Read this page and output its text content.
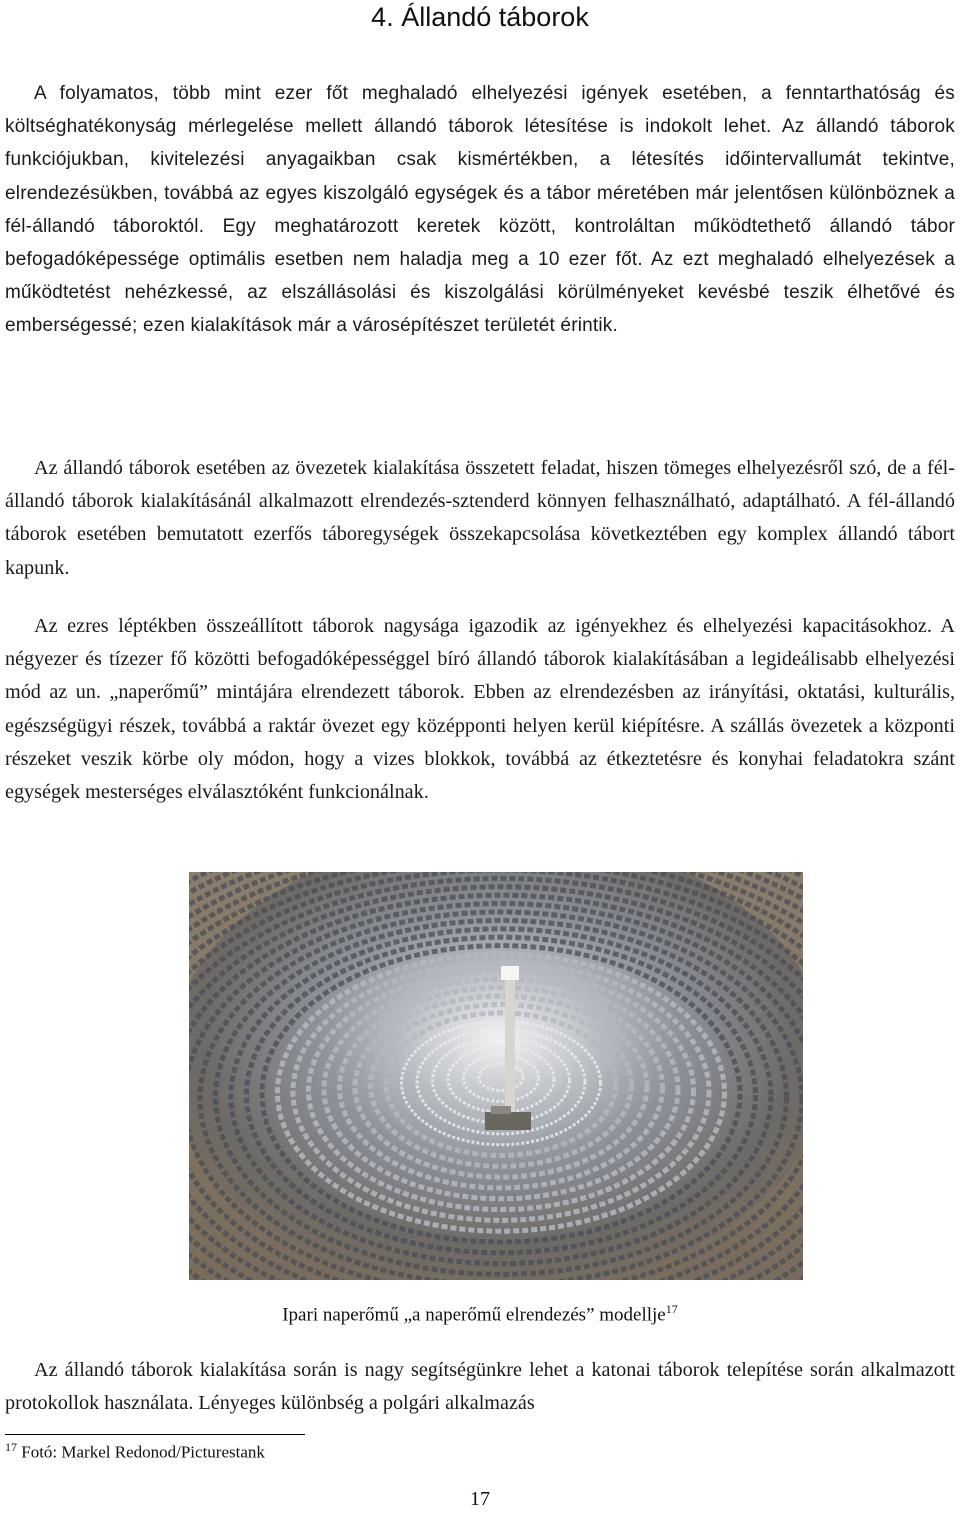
4. Állandó táborok

A folyamatos, több mint ezer főt meghaladó elhelyezési igények esetében, a fenntarthatóság és költséghatékonyság mérlegelése mellett állandó táborok létesítése is indokolt lehet. Az állandó táborok funkciójukban, kivitelezési anyagaikban csak kismértékben, a létesítés időintervallumát tekintve, elrendezésükben, továbbá az egyes kiszolgáló egységek és a tábor méretében már jelentősen különböznek a fél-állandó táboroktól. Egy meghatározott keretek között, kontroláltan működtethető állandó tábor befogadóképessége optimális esetben nem haladja meg a 10 ezer főt. Az ezt meghaladó elhelyezések a működtetést nehézkessé, az elszállásolási és kiszolgálási körülményeket kevésbé teszik élhetővé és emberségessé; ezen kialakítások már a városépítészet területét érintik.

Az állandó táborok esetében az övezetek kialakítása összetett feladat, hiszen tömeges elhelyezésről szó, de a fél-állandó táborok kialakításánál alkalmazott elrendezés-sztenderd könnyen felhasználható, adaptálható. A fél-állandó táborok esetében bemutatott ezerfős táboregységek összekapcsolása következtében egy komplex állandó tábort kapunk.

Az ezres léptékben összeállított táborok nagysága igazodik az igényekhez és elhelyezési kapacitásokhoz. A négyezer és tízezer fő közötti befogadóképességgel bíró állandó táborok kialakításában a legideálisabb elhelyezési mód az un. „naperőmű” mintájára elrendezett táborok. Ebben az elrendezésben az irányítási, oktatási, kulturális, egészségügyi részek, továbbá a raktár övezet egy középponti helyen kerül kiépítésre. A szállás övezetek a központi részeket veszik körbe oly módon, hogy a vizes blokkok, továbbá az étkeztetésre és konyhai feladatokra szánt egységek mesterséges elválasztóként funkcionálnak.

Ipari naperőmű „a naperőmű elrendezés” modellje$^{17}$

Az állandó táborok kialakítása során is nagy segítségünkre lehet a katonai táborok telepítése során alkalmazott protokollok használata. Lényeges különbség a polgári alkalmazás

$^{17}$ Fotó: Markel Redonod/Picturestank
17
